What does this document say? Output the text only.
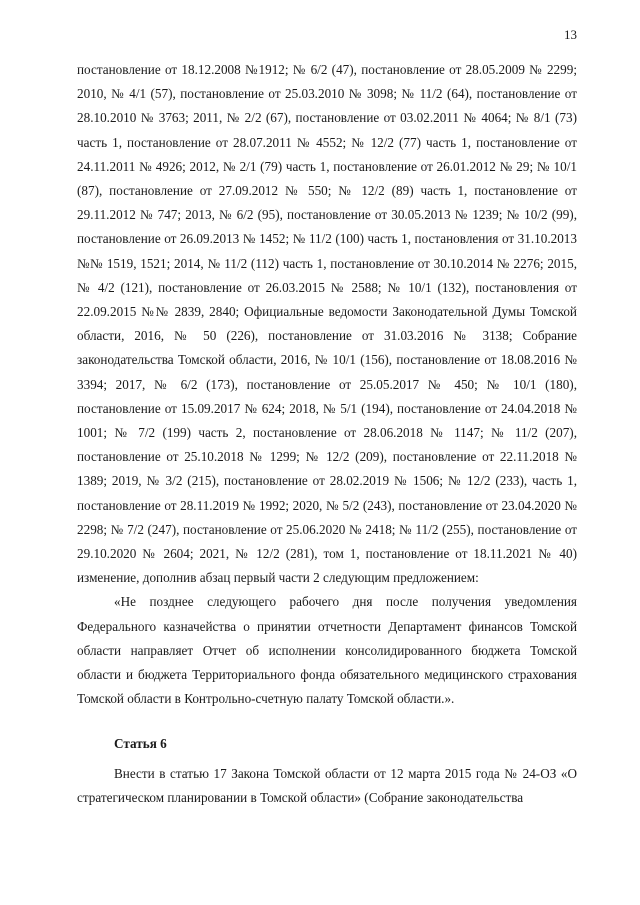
13

постановление от 18.12.2008 №1912; № 6/2 (47), постановление от 28.05.2009 № 2299; 2010, № 4/1 (57), постановление от 25.03.2010 № 3098; № 11/2 (64), постановление от 28.10.2010 № 3763; 2011, № 2/2 (67), постановление от 03.02.2011 № 4064; № 8/1 (73) часть 1, постановление от 28.07.2011 № 4552; № 12/2 (77) часть 1, постановление от 24.11.2011 № 4926; 2012, № 2/1 (79) часть 1, постановление от 26.01.2012 № 29; № 10/1 (87), постановление от 27.09.2012 № 550; № 12/2 (89) часть 1, постановление от 29.11.2012 № 747; 2013, № 6/2 (95), постановление от 30.05.2013 № 1239; № 10/2 (99), постановление от 26.09.2013 № 1452; № 11/2 (100) часть 1, постановления от 31.10.2013 №№ 1519, 1521; 2014, № 11/2 (112) часть 1, постановление от 30.10.2014 № 2276; 2015, № 4/2 (121), постановление от 26.03.2015 № 2588; № 10/1 (132), постановления от 22.09.2015 №№ 2839, 2840; Официальные ведомости Законодательной Думы Томской области, 2016, № 50 (226), постановление от 31.03.2016 № 3138; Собрание законодательства Томской области, 2016, № 10/1 (156), постановление от 18.08.2016 № 3394; 2017, № 6/2 (173), постановление от 25.05.2017 № 450; № 10/1 (180), постановление от 15.09.2017 № 624; 2018, № 5/1 (194), постановление от 24.04.2018 № 1001; № 7/2 (199) часть 2, постановление от 28.06.2018 № 1147; № 11/2 (207), постановление от 25.10.2018 № 1299; № 12/2 (209), постановление от 22.11.2018 № 1389; 2019, № 3/2 (215), постановление от 28.02.2019 № 1506; № 12/2 (233), часть 1, постановление от 28.11.2019 № 1992; 2020, № 5/2 (243), постановление от 23.04.2020 № 2298; № 7/2 (247), постановление от 25.06.2020 № 2418; № 11/2 (255), постановление от 29.10.2020 № 2604; 2021, № 12/2 (281), том 1, постановление от 18.11.2021 № 40) изменение, дополнив абзац первый части 2 следующим предложением:

«Не позднее следующего рабочего дня после получения уведомления Федерального казначейства о принятии отчетности Департамент финансов Томской области направляет Отчет об исполнении консолидированного бюджета Томской области и бюджета Территориального фонда обязательного медицинского страхования Томской области в Контрольно-счетную палату Томской области.».

Статья 6

Внести в статью 17 Закона Томской области от 12 марта 2015 года № 24-ОЗ «О стратегическом планировании в Томской области» (Собрание законодательства
